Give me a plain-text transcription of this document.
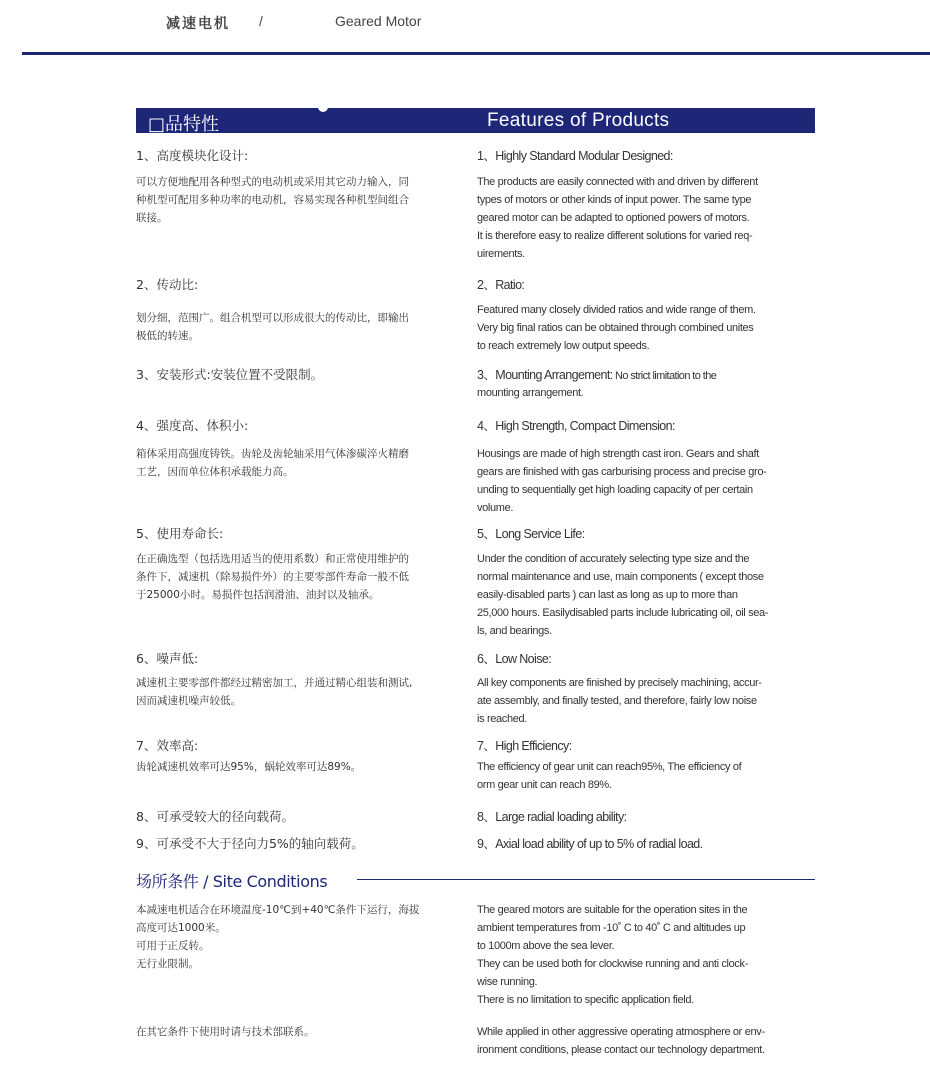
减速电机 /	Geared Motor
□品特性	Features of Products
1、高度模块化设计:
可以方便地配用各种型式的电动机或采用其它动力输入，同
种机型可配用多种功率的电动机，容易实现各种机型间组合
联接。
1、Highly Standard Modular Designed:
The products are easily connected with and driven by different
types of motors or other kinds of input power. The same type
geared motor can be adapted to optioned powers of motors.
It is therefore easy to realize different solutions for varied req-
uirements.
2、传动比:
划分细，范围广。组合机型可以形成很大的传动比，即输出
极低的转速。
2、Ratio:
Featured many closely divided ratios and wide range of them.
Very big final ratios can be obtained through combined unites
to reach extremely low output speeds.
3、安装形式:安装位置不受限制。	3、Mounting Arrangement: No strict limitation to the
mounting arrangement.
4、强度高、体积小:
箱体采用高强度铸铁。齿轮及齿轮轴采用气体渗碳淬火精磨
工艺，因而单位体积承载能力高。
4、High Strength, Compact Dimension:
Housings are made of high strength cast iron. Gears and shaft
gears are finished with gas carburising process and precise gro-
unding to sequentially get high loading capacity of per certain
volume.
5、使用寿命长:
在正确选型（包括选用适当的使用系数）和正常使用维护的
条件下，减速机（除易损件外）的主要零部件寿命一般不低
于25000小时。易损件包括润滑油、油封以及轴承。
5、Long Service Life:
Under the condition of accurately selecting type size and the
normal maintenance and use, main components ( except those
easily-disabled parts ) can last as long as up to more than
25,000 hours. Easilydisabled parts include lubricating oil, oil sea-
ls, and bearings.
6、噪声低:
减速机主要零部件都经过精密加工，并通过精心组装和测试,
因而减速机噪声较低。
6、Low Noise:
All key components are finished by precisely machining, accur-
ate assembly, and finally tested, and therefore, fairly low noise
is reached.
7、效率高:
齿轮减速机效率可达95%，蜗轮效率可达89%。
7、High Efficiency:
The efficiency of gear unit can reach95%, The efficiency of
orm gear unit can reach 89%.
8、可承受较大的径向载荷。	8、Large radial loading ability:
9、可承受不大于径向力5%的轴向载荷。	9、Axial load ability of up to 5% of radial load.
场所条件 / Site Conditions
本减速电机适合在环境温度-10℃到+40℃条件下运行，海拔
高度可达1000米。
可用于正反转。
无行业限制。
The geared motors are suitable for the operation sites in the
ambient temperatures from -10˚ C to 40˚ C and altitudes up
to 1000m above the sea lever.
They can be used both for clockwise running and anti clock-
wise running.
There is no limitation to specific application field.
在其它条件下使用时请与技术部联系。	While applied in other aggressive operating atmosphere or env-
ironment conditions, please contact our technology department.
